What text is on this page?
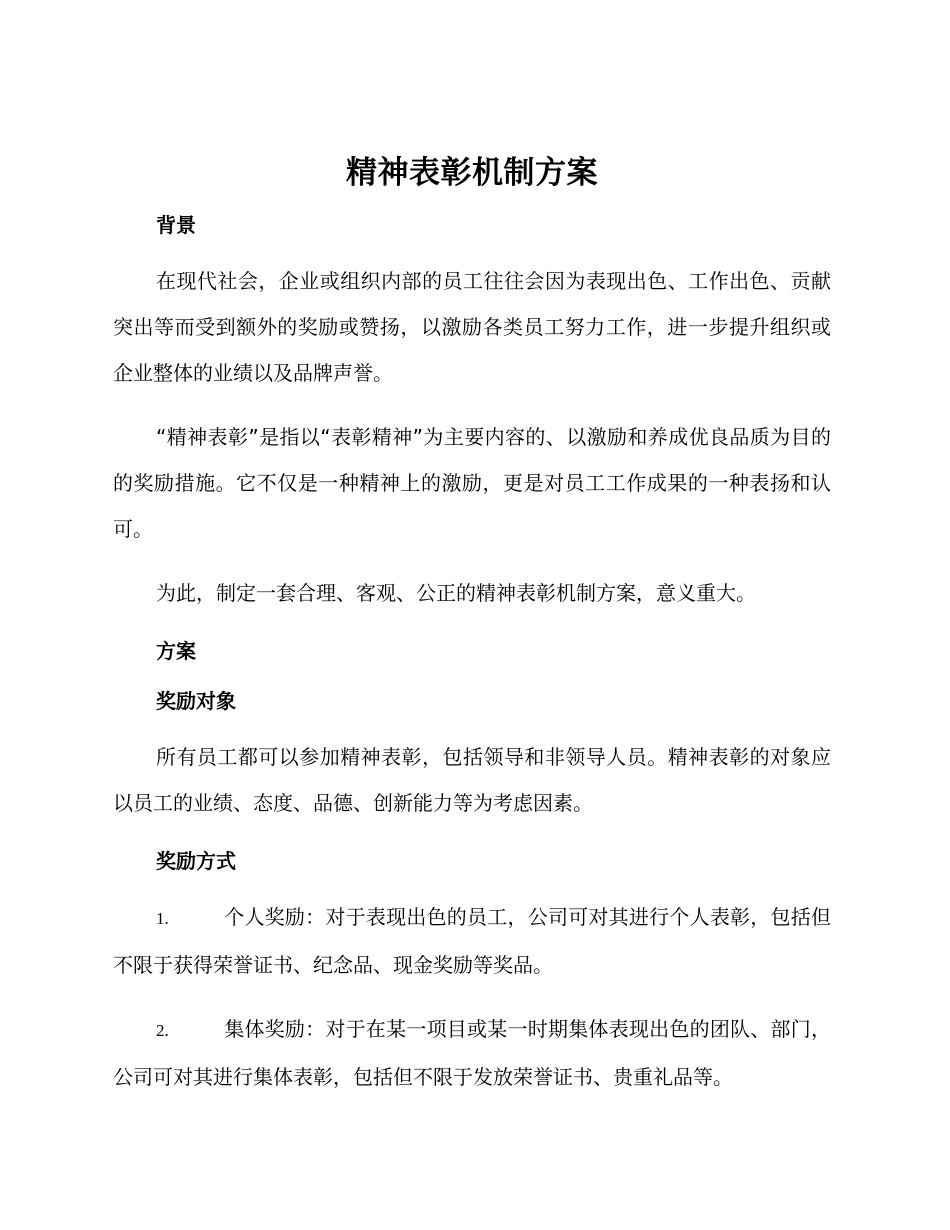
精神表彰机制方案
背景

在现代社会，企业或组织内部的员工往往会因为表现出色、工作出色、贡献突出等而受到额外的奖励或赞扬，以激励各类员工努力工作，进一步提升组织或企业整体的业绩以及品牌声誉。

“精神表彰”是指以“表彰精神”为主要内容的、以激励和养成优良品质为目的的奖励措施。它不仅是一种精神上的激励，更是对员工工作成果的一种表扬和认可。

为此，制定一套合理、客观、公正的精神表彰机制方案，意义重大。

方案
奖励对象

所有员工都可以参加精神表彰，包括领导和非领导人员。精神表彰的对象应以员工的业绩、态度、品德、创新能力等为考虑因素。

奖励方式

1.	个人奖励：对于表现出色的员工，公司可对其进行个人表彰，包括但不限于获得荣誉证书、纪念品、现金奖励等奖品。

2.	集体奖励：对于在某一项目或某一时期集体表现出色的团队、部门，公司可对其进行集体表彰，包括但不限于发放荣誉证书、贵重礼品等。
